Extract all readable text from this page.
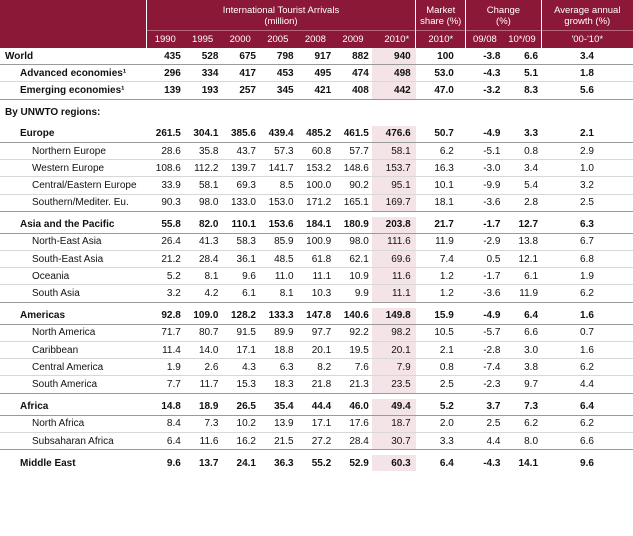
	International Tourist Arrivals							Market	Change		Average annual
	(million)							share (%)	(%)		growth (%)
	1990	1995	2000	2005	2008	2009	2010*	2010*	09/08	10*/09	'00-'10*
World	435	528	675	798	917	882	940	100	-3.8	6.6	3.4
Advanced economies¹	296	334	417	453	495	474	498	53.0	-4.3	5.1	1.8
Emerging economies¹	139	193	257	345	421	408	442	47.0	-3.2	8.3	5.6

By UNWTO regions:											

Europe	261.5	304.1	385.6	439.4	485.2	461.5	476.6	50.7	-4.9	3.3	2.1
Northern Europe	28.6	35.8	43.7	57.3	60.8	57.7	58.1	6.2	-5.1	0.8	2.9
Western Europe	108.6	112.2	139.7	141.7	153.2	148.6	153.7	16.3	-3.0	3.4	1.0
Central/Eastern Europe	33.9	58.1	69.3	8.5	100.0	90.2	95.1	10.1	-9.9	5.4	3.2
Southern/Mediter. Eu.	90.3	98.0	133.0	153.0	171.2	165.1	169.7	18.1	-3.6	2.8	2.5

Asia and the Pacific	55.8	82.0	110.1	153.6	184.1	180.9	203.8	21.7	-1.7	12.7	6.3
North-East Asia	26.4	41.3	58.3	85.9	100.9	98.0	111.6	11.9	-2.9	13.8	6.7
South-East Asia	21.2	28.4	36.1	48.5	61.8	62.1	69.6	7.4	0.5	12.1	6.8
Oceania	5.2	8.1	9.6	11.0	11.1	10.9	11.6	1.2	-1.7	6.1	1.9
South Asia	3.2	4.2	6.1	8.1	10.3	9.9	11.1	1.2	-3.6	11.9	6.2

Americas	92.8	109.0	128.2	133.3	147.8	140.6	149.8	15.9	-4.9	6.4	1.6
North America	71.7	80.7	91.5	89.9	97.7	92.2	98.2	10.5	-5.7	6.6	0.7
Caribbean	11.4	14.0	17.1	18.8	20.1	19.5	20.1	2.1	-2.8	3.0	1.6
Central America	1.9	2.6	4.3	6.3	8.2	7.6	7.9	0.8	-7.4	3.8	6.2
South America	7.7	11.7	15.3	18.3	21.8	21.3	23.5	2.5	-2.3	9.7	4.4

Africa	14.8	18.9	26.5	35.4	44.4	46.0	49.4	5.2	3.7	7.3	6.4
North Africa	8.4	7.3	10.2	13.9	17.1	17.6	18.7	2.0	2.5	6.2	6.2
Subsaharan Africa	6.4	11.6	16.2	21.5	27.2	28.4	30.7	3.3	4.4	8.0	6.6

Middle East	9.6	13.7	24.1	36.3	55.2	52.9	60.3	6.4	-4.3	14.1	9.6
